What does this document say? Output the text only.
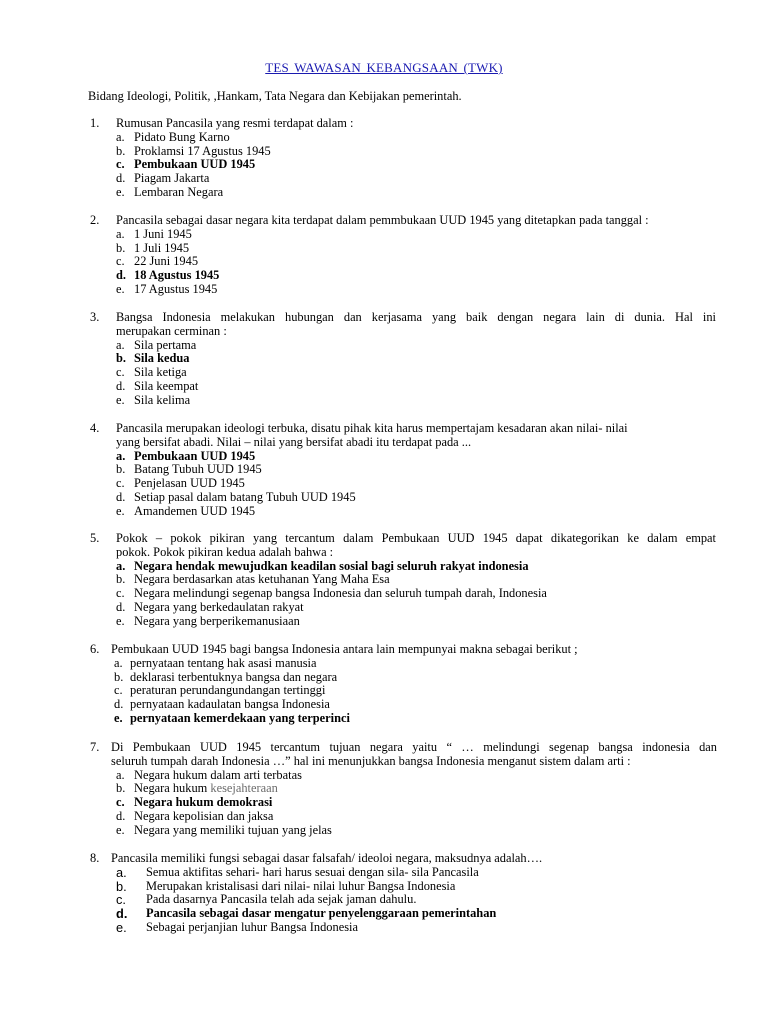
TES WAWASAN KEBANGSAAN (TWK)
Bidang Ideologi, Politik, ,Hankam, Tata Negara dan Kebijakan pemerintah.
1. Rumusan Pancasila yang resmi terdapat dalam :
a. Pidato Bung Karno
b. Proklamsi 17 Agustus 1945
c. Pembukaan UUD 1945
d. Piagam Jakarta
e. Lembaran Negara
2. Pancasila sebagai dasar negara kita terdapat dalam pemmbukaan UUD 1945 yang ditetapkan pada tanggal :
a. 1 Juni 1945
b. 1 Juli 1945
c. 22 Juni 1945
d. 18 Agustus 1945
e. 17 Agustus 1945
3. Bangsa Indonesia melakukan hubungan dan kerjasama yang baik dengan negara lain di dunia. Hal ini
merupakan cerminan :
a. Sila pertama
b. Sila kedua
c. Sila ketiga
d. Sila keempat
e. Sila kelima
4. Pancasila merupakan ideologi terbuka, disatu pihak kita harus mempertajam kesadaran akan nilai- nilai
yang bersifat abadi. Nilai – nilai yang bersifat abadi itu terdapat pada ...
a. Pembukaan UUD 1945
b. Batang Tubuh UUD 1945
c. Penjelasan UUD 1945
d. Setiap pasal dalam batang Tubuh UUD 1945
e. Amandemen UUD 1945
5. Pokok – pokok pikiran yang tercantum dalam Pembukaan UUD 1945 dapat dikategorikan ke dalam empat
pokok. Pokok pikiran kedua adalah bahwa :
a. Negara hendak mewujudkan keadilan sosial bagi seluruh rakyat indonesia
b. Negara berdasarkan atas ketuhanan Yang Maha Esa
c. Negara melindungi segenap bangsa Indonesia dan seluruh tumpah darah, Indonesia
d. Negara yang berkedaulatan rakyat
e. Negara yang berperikemanusiaan
6. Pembukaan UUD 1945 bagi bangsa Indonesia antara lain mempunyai makna sebagai berikut ;
a. pernyataan tentang hak asasi manusia
b. deklarasi terbentuknya bangsa dan negara
c. peraturan perundangundangan tertinggi
d. pernyataan kadaulatan bangsa Indonesia
e. pernyataan kemerdekaan yang terperinci
7. Di Pembukaan UUD 1945 tercantum tujuan negara yaitu “ … melindungi segenap bangsa indonesia dan
seluruh tumpah darah Indonesia …” hal ini menunjukkan bangsa Indonesia menganut sistem dalam arti :
a. Negara hukum dalam arti terbatas
b. Negara hukum
kesejahteraan
c. Negara hukum demokrasi
d. Negara kepolisian dan jaksa
e. Negara yang memiliki tujuan yang jelas
8. Pancasila memiliki fungsi sebagai dasar falsafah/ ideoloi negara, maksudnya adalah….
a.	Semua aktifitas sehari- hari harus sesuai dengan sila- sila Pancasila
b.	Merupakan kristalisasi dari nilai- nilai luhur Bangsa Indonesia
c.	Pada dasarnya Pancasila telah ada sejak jaman dahulu.
d.	Pancasila sebagai dasar mengatur penyelenggaraan pemerintahan
e.	Sebagai perjanjian luhur Bangsa Indonesia
